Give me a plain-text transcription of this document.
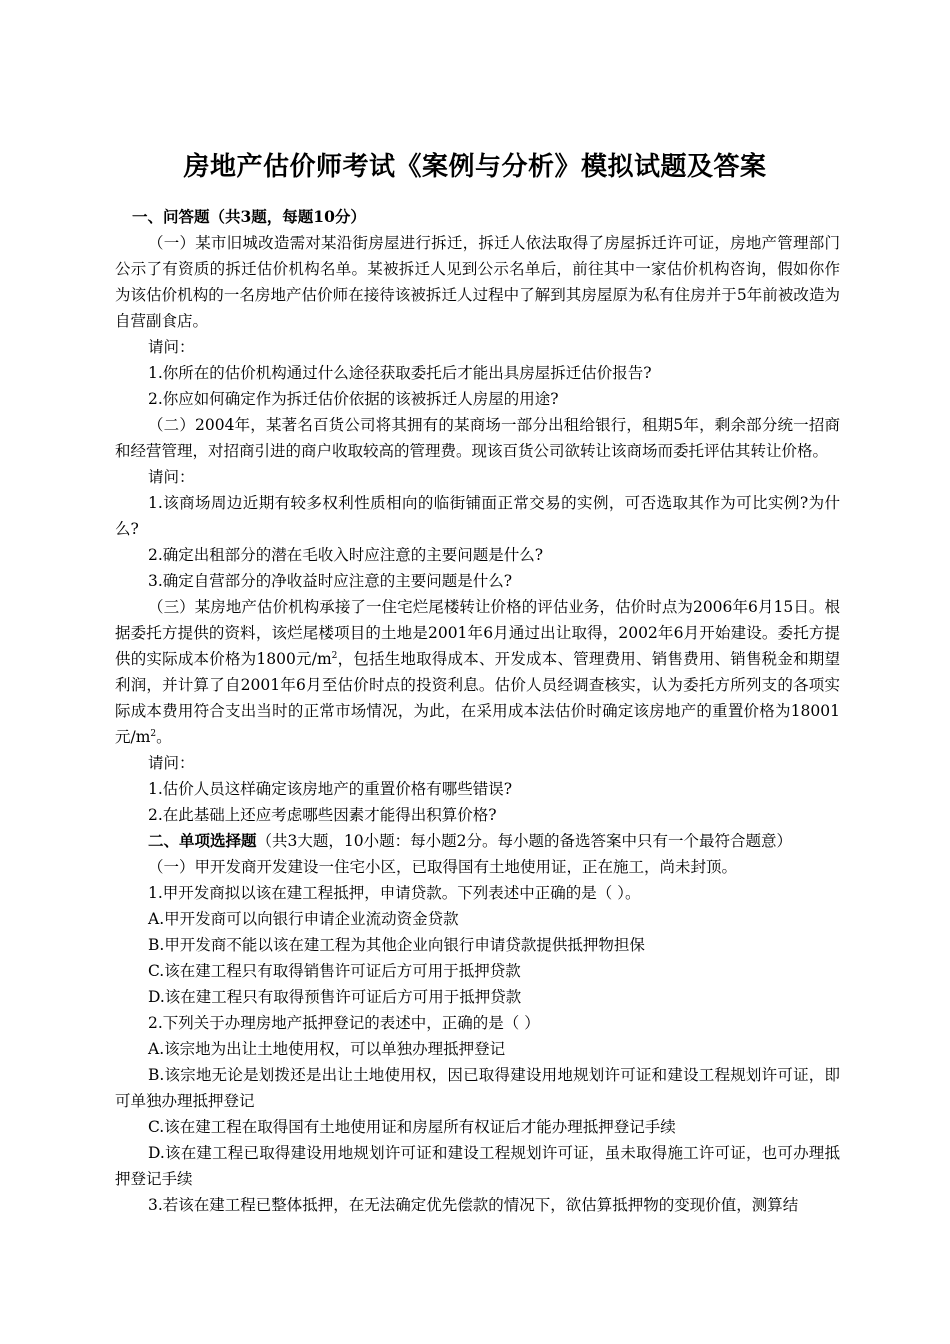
房地产估价师考试《案例与分析》模拟试题及答案

一、问答题（共3题，每题10分）

（一）某市旧城改造需对某沿街房屋进行拆迁，拆迁人依法取得了房屋拆迁许可证，房地产管理部门公示了有资质的拆迁估价机构名单。某被拆迁人见到公示名单后，前往其中一家估价机构咨询，假如你作为该估价机构的一名房地产估价师在接待该被拆迁人过程中了解到其房屋原为私有住房并于5年前被改造为自营副食店。

请问：

1.你所在的估价机构通过什么途径获取委托后才能出具房屋拆迁估价报告?

2.你应如何确定作为拆迁估价依据的该被拆迁人房屋的用途?

（二）2004年，某著名百货公司将其拥有的某商场一部分出租给银行，租期5年，剩余部分统一招商和经营管理，对招商引进的商户收取较高的管理费。现该百货公司欲转让该商场而委托评估其转让价格。

请问：

1.该商场周边近期有较多权利性质相向的临街铺面正常交易的实例，可否选取其作为可比实例?为什么?

2.确定出租部分的潜在毛收入时应注意的主要问题是什么?

3.确定自营部分的净收益时应注意的主要问题是什么?

（三）某房地产估价机构承接了一住宅烂尾楼转让价格的评估业务，估价时点为2006年6月15日。根据委托方提供的资料，该烂尾楼项目的土地是2001年6月通过出让取得，2002年6月开始建设。委托方提供的实际成本价格为1800元$/m^2$，包括生地取得成本、开发成本、管理费用、销售费用、销售税金和期望利润，并计算了自2001年6月至估价时点的投资利息。估价人员经调查核实，认为委托方所列支的各项实际成本费用符合支出当时的正常市场情况，为此，在采用成本法估价时确定该房地产的重置价格为18001元$/m^2$。

请问：

1.估价人员这样确定该房地产的重置价格有哪些错误?

2.在此基础上还应考虑哪些因素才能得出积算价格?

二、单项选择题（共3大题，10小题：每小题2分。每小题的备选答案中只有一个最符合题意）

（一）甲开发商开发建设一住宅小区，已取得国有土地使用证，正在施工，尚未封顶。

1.甲开发商拟以该在建工程抵押，申请贷款。下列表述中正确的是（ ）。

A.甲开发商可以向银行申请企业流动资金贷款

B.甲开发商不能以该在建工程为其他企业向银行申请贷款提供抵押物担保

C.该在建工程只有取得销售许可证后方可用于抵押贷款

D.该在建工程只有取得预售许可证后方可用于抵押贷款

2.下列关于办理房地产抵押登记的表述中，正确的是（ ）

A.该宗地为出让土地使用权，可以单独办理抵押登记

B.该宗地无论是划拨还是出让土地使用权，因已取得建设用地规划许可证和建设工程规划许可证，即可单独办理抵押登记

C.该在建工程在取得国有土地使用证和房屋所有权证后才能办理抵押登记手续

D.该在建工程已取得建设用地规划许可证和建设工程规划许可证，虽未取得施工许可证，也可办理抵押登记手续

3.若该在建工程已整体抵押，在无法确定优先偿款的情况下，欲估算抵押物的变现价值，测算结
